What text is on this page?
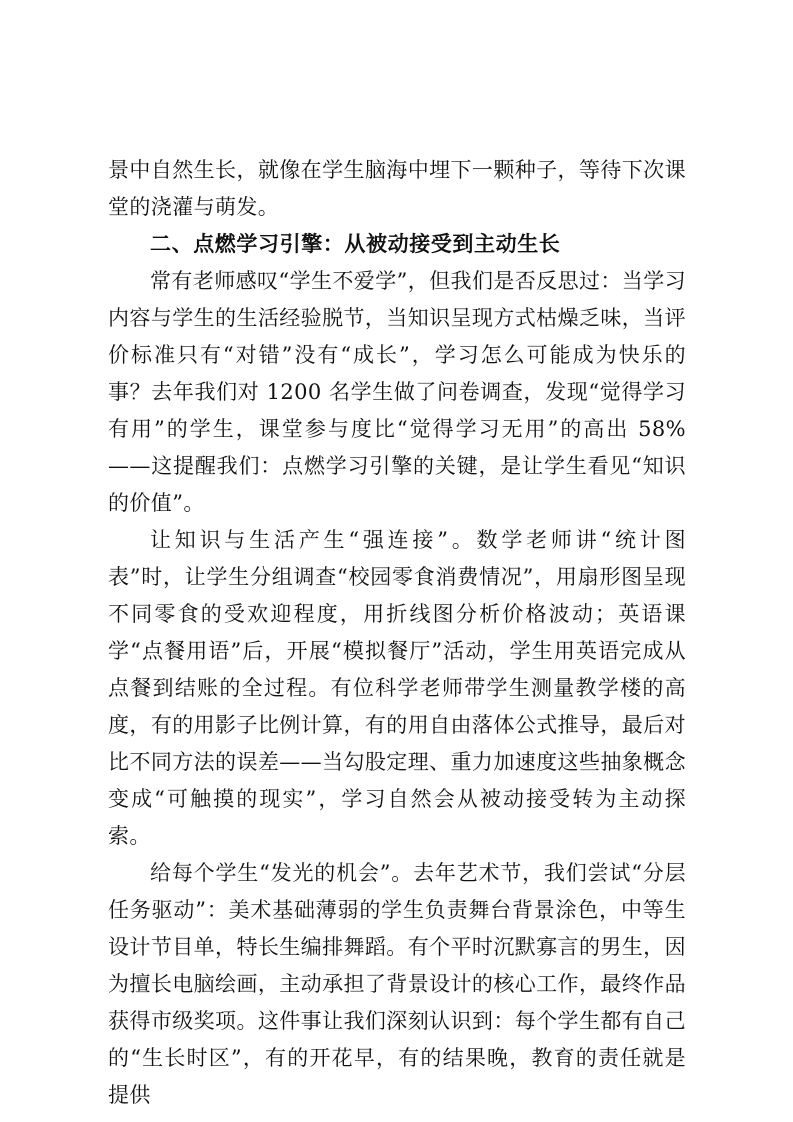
景中自然生长，就像在学生脑海中埋下一颗种子，等待下次课堂的浇灌与萌发。

二、点燃学习引擎：从被动接受到主动生长

常有老师感叹“学生不爱学”，但我们是否反思过：当学习内容与学生的生活经验脱节，当知识呈现方式枯燥乏味，当评价标准只有“对错”没有“成长”，学习怎么可能成为快乐的事？去年我们对 1200 名学生做了问卷调查，发现“觉得学习有用”的学生，课堂参与度比“觉得学习无用”的高出 58%——这提醒我们：点燃学习引擎的关键，是让学生看见“知识的价值”。

让知识与生活产生“强连接”。数学老师讲“统计图表”时，让学生分组调查“校园零食消费情况”，用扇形图呈现不同零食的受欢迎程度，用折线图分析价格波动；英语课学“点餐用语”后，开展“模拟餐厅”活动，学生用英语完成从点餐到结账的全过程。有位科学老师带学生测量教学楼的高度，有的用影子比例计算，有的用自由落体公式推导，最后对比不同方法的误差——当勾股定理、重力加速度这些抽象概念变成“可触摸的现实”，学习自然会从被动接受转为主动探索。

给每个学生“发光的机会”。去年艺术节，我们尝试“分层任务驱动”：美术基础薄弱的学生负责舞台背景涂色，中等生设计节目单，特长生编排舞蹈。有个平时沉默寡言的男生，因为擅长电脑绘画，主动承担了背景设计的核心工作，最终作品获得市级奖项。这件事让我们深刻认识到：每个学生都有自己的“生长时区”，有的开花早，有的结果晚，教育的责任就是提供
